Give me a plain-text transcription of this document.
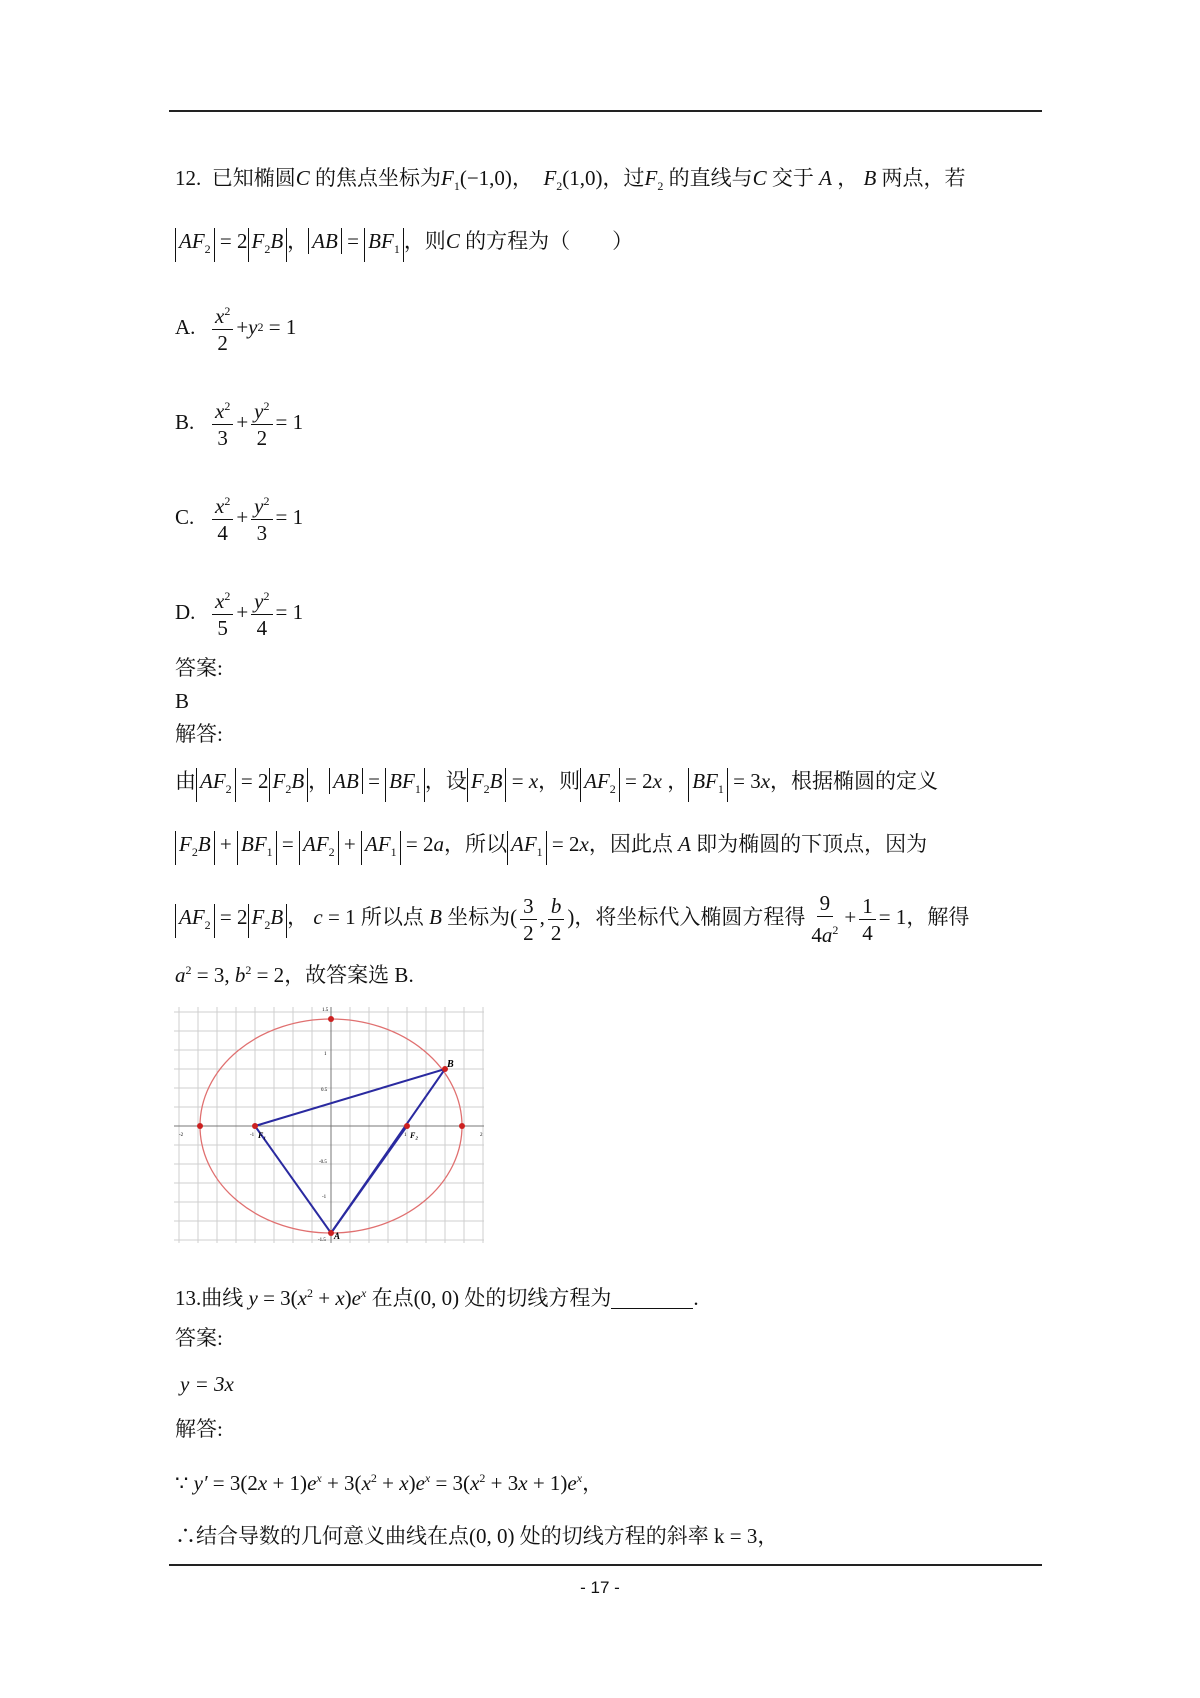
12. 已知椭圆C 的焦点坐标为$F_1(-1,0)$，  $F_2(1,0)$，过$F_2$ 的直线与C 交于 A ， B 两点，若
$AF_2 = 2$ $F_2B$ ， AB = $BF_1$ ，则C 的方程为（　　）
A. $\frac{x^2}{2} + y$ 2
= 1
B. $\frac{x^2}{3} + \frac{y^2}{2} = 1$
C. $\frac{x^2}{4} + \frac{y^2}{3} = 1$
D. $\frac{x^2}{5} + \frac{y^2}{4} = 1$
答案:
B
解答:
由 $AF_2 = 2$ $F_2B$ ， AB = $BF_1$ ，设 $F_2B = x$，则 $AF_2 = 2x$ ， $BF_1 = 3x$，根据椭圆的定义
$F_2B + BF_1 = AF_2 + AF_1 = 2a$，所以 $AF_1 = 2x$，因此点 A 即为椭圆的下顶点，因为
$AF_2 = 2$ $F_2B$ ， c = 1 所以点 B 坐标为( $\frac{3}{2}$ , $\frac{b}{2}$ )，将坐标代入椭圆方程得 $\frac{9}{4a^2} + \frac{1}{4} = 1$，解得
$a^2 = 3$, $b^2 = 2$，故答案选 B.
B
A
F₁	F₂
-2	-1	1	2
1.5
1
0.5
-0.5
-1
-1.5
13.曲线 $y = 3(x^2 + x)e^x$ 在点(0, 0) 处的切线方程为	.
答案:
y = 3x
解答:
∵ $y' = 3(2x + 1)e^x + 3(x^2 + x)e^x = 3(x^2 + 3x + 1)e^x$，
∴结合导数的几何意义曲线在点(0, 0) 处的切线方程的斜率 k = 3，
- 17 -
